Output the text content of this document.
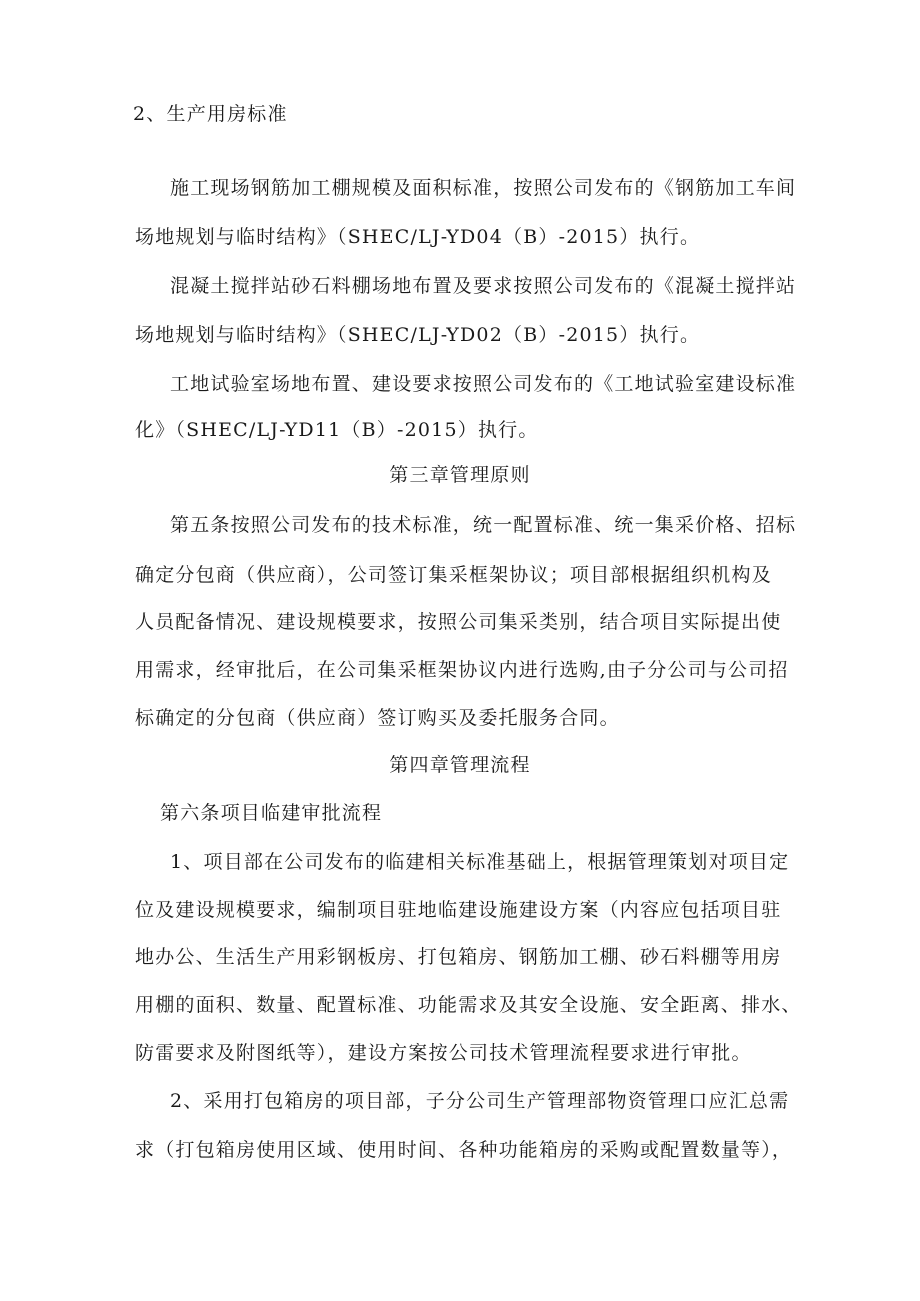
2、生产用房标准
施工现场钢筋加工棚规模及面积标准，按照公司发布的《钢筋加工车间
场地规划与临时结构》（SHEC/LJ-YD04（B）-2015）执行。
混凝土搅拌站砂石料棚场地布置及要求按照公司发布的《混凝土搅拌站
场地规划与临时结构》（SHEC/LJ-YD02（B）-2015）执行。
工地试验室场地布置、建设要求按照公司发布的《工地试验室建设标准
化》（SHEC/LJ-YD11（B）-2015）执行。
第三章管理原则
第五条按照公司发布的技术标准，统一配置标准、统一集采价格、招标
确定分包商（供应商），公司签订集采框架协议；项目部根据组织机构及
人员配备情况、建设规模要求，按照公司集采类别，结合项目实际提出使
用需求，经审批后，在公司集采框架协议内进行选购,由子分公司与公司招
标确定的分包商（供应商）签订购买及委托服务合同。
第四章管理流程
第六条项目临建审批流程
1、项目部在公司发布的临建相关标准基础上，根据管理策划对项目定
位及建设规模要求，编制项目驻地临建设施建设方案（内容应包括项目驻
地办公、生活生产用彩钢板房、打包箱房、钢筋加工棚、砂石料棚等用房
用棚的面积、数量、配置标准、功能需求及其安全设施、安全距离、排水、
防雷要求及附图纸等），建设方案按公司技术管理流程要求进行审批。
2、采用打包箱房的项目部，子分公司生产管理部物资管理口应汇总需
求（打包箱房使用区域、使用时间、各种功能箱房的采购或配置数量等），
